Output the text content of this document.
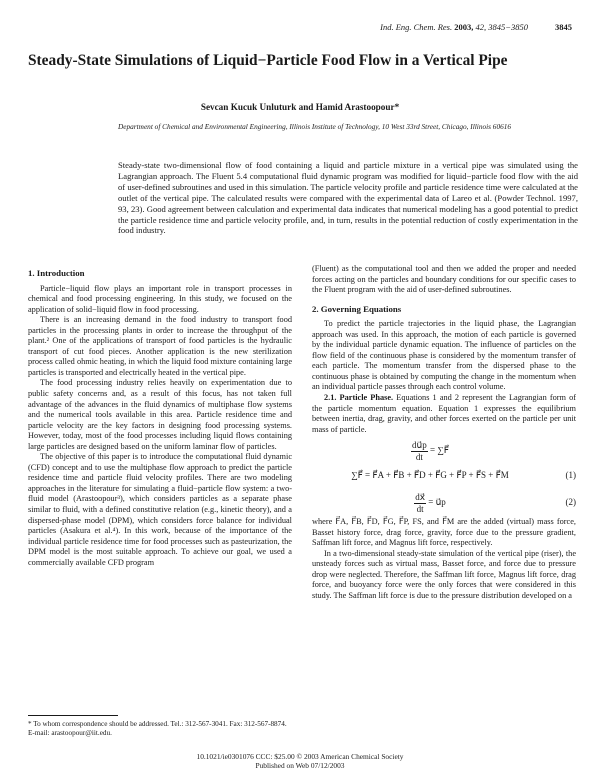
Ind. Eng. Chem. Res. 2003, 42, 3845−3850	3845
Steady-State Simulations of Liquid−Particle Food Flow in a Vertical Pipe
Sevcan Kucuk Unluturk and Hamid Arastoopour*
Department of Chemical and Environmental Engineering, Illinois Institute of Technology, 10 West 33rd Street, Chicago, Illinois 60616

Steady-state two-dimensional flow of food containing a liquid and particle mixture in a vertical pipe was simulated using the Lagrangian approach. The Fluent 5.4 computational fluid dynamic program was modified for liquid−particle food flow with the aid of user-defined subroutines and used in this simulation. The particle velocity profile and particle residence time were calculated at the outlet of the vertical pipe. The calculated results were compared with the experimental data of Lareo et al. (Powder Technol. 1997, 93, 23). Good agreement between calculation and experimental data indicates that numerical modeling has a good potential to predict the particle residence time and particle velocity profile, and, in turn, results in the potential reduction of costly experimentation in the food industry.

1. Introduction

Particle−liquid flow plays an important role in transport processes in chemical and food processing engineering. In this study, we focused on the application of solid−liquid flow in food processing.

There is an increasing demand in the food industry to transport food particles in the processing plants in order to increase the throughput of the plant.² One of the applications of transport of food particles is the hydraulic transport of cut food pieces. Another application is the new sterilization process called ohmic heating, in which the liquid food mixture containing large particles is transported and electrically heated in the vertical pipe.

The food processing industry relies heavily on experimentation due to public safety concerns and, as a result of this focus, has not taken full advantage of the advances in the fluid dynamics of multiphase flow systems and the numerical tools available in this area. Particle residence time and particle velocity are the key factors in designing food processing systems. However, today, most of the food processes including liquid flows containing large particles are designed based on the uniform laminar flow of particles.

The objective of this paper is to introduce the computational fluid dynamic (CFD) concept and to use the multiphase flow approach to predict the particle residence time and particle fluid velocity profiles. There are two modeling approaches in the literature for simulating a fluid−particle flow system: a two-fluid model (Arastoopour³), which considers particles as a separate phase similar to fluid, with a defined constitutive relation (e.g., kinetic theory), and a dispersed-phase model (DPM), which considers force balance for individual particles (Asakura et al.⁴). In this work, because of the importance of the individual particle residence time for food processes such as pasteurization, the DPM model is the most suitable approach. To achieve our goal, we used a commercially available CFD program

(Fluent) as the computational tool and then we added the proper and needed forces acting on the particles and boundary conditions for our specific cases to the Fluent program with the aid of user-defined subroutines.

2. Governing Equations

To predict the particle trajectories in the liquid phase, the Lagrangian approach was used. In this approach, the motion of each particle is governed by the individual particle dynamic equation. The influence of particles on the flow field of the continuous phase is considered by the momentum transfer of each particle. The momentum transfer from the dispersed phase to the continuous phase is obtained by computing the change in the momentum when an individual particle passes through each control volume.

2.1. Particle Phase. Equations 1 and 2 represent the Lagrangian form of the particle momentum equation. Equation 1 expresses the equilibrium between inertia, drag, gravity, and other forces exerted on the particle per unit mass of particle.

$\frac{du⃗p}{dt}$ = ∑F⃗
∑F⃗ = F⃗A + F⃗B + F⃗D + F⃗G + F⃗P + F⃗S + F⃗M	(1)
$\frac{dx⃗}{dt}$ = u⃗p	(2)

where F⃗A, F⃗B, F⃗D, F⃗G, F⃗P, FS, and F⃗M are the added (virtual) mass force, Basset history force, drag force, gravity, force due to the pressure gradient, Saffman lift force, and Magnus lift force, respectively.

In a two-dimensional steady-state simulation of the vertical pipe (riser), the unsteady forces such as virtual mass, Basset force, and force due to pressure drop were neglected. Therefore, the Saffman lift force, Magnus lift force, drag force, and buoyancy force were the only forces that were considered in this study. The Saffman lift force is due to the pressure distribution developed on a

* To whom correspondence should be addressed. Tel.: 312-567-3041. Fax: 312-567-8874. E-mail: arastoopour@iit.edu.
10.1021/ie0301076 CCC: $25.00 © 2003 American Chemical Society
Published on Web 07/12/2003
